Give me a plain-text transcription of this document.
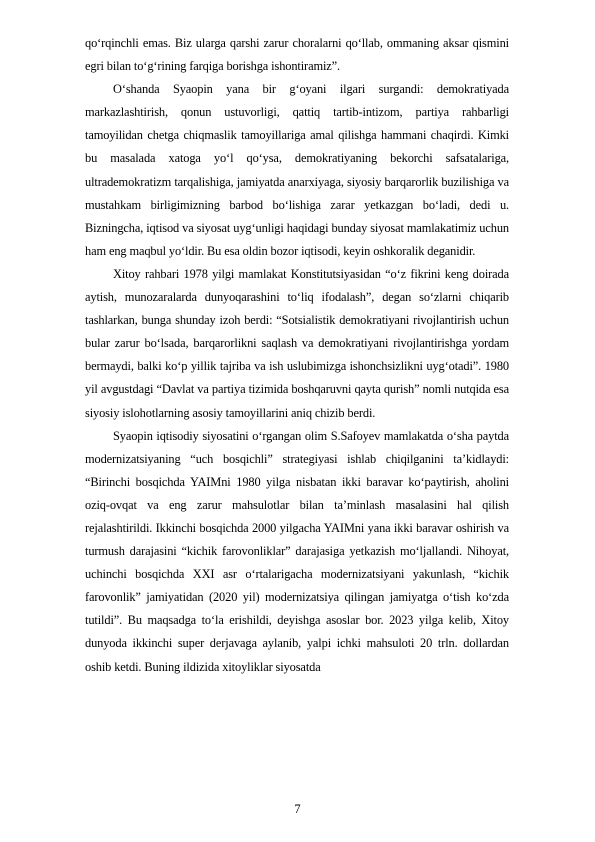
qo‘rqinchli emas. Biz ularga qarshi zarur choralarni qo‘llab, ommaning aksar qismini egri bilan to‘g‘rining farqiga borishga ishontiramiz”.

O‘shanda Syaopin yana bir g‘oyani ilgari surgandi: demokratiyada markazlashtirish, qonun ustuvorligi, qattiq tartib-intizom, partiya rahbarligi tamoyilidan chetga chiqmaslik tamoyillariga amal qilishga hammani chaqirdi. Kimki bu masalada xatoga yo‘l qo‘ysa, demokratiyaning bekorchi safsatalariga, ultrademokratizm tarqalishiga, jamiyatda anarxiyaga, siyosiy barqarorlik buzilishiga va mustahkam birligimizning barbod bo‘lishiga zarar yetkazgan bo‘ladi, dedi u. Bizningcha, iqtisod va siyosat uyg‘unligi haqidagi bunday siyosat mamlakatimiz uchun ham eng maqbul yo‘ldir. Bu esa oldin bozor iqtisodi, keyin oshkoralik deganidir.

Xitoy rahbari 1978 yilgi mamlakat Konstitutsiyasidan “o‘z fikrini keng doirada aytish, munozaralarda dunyoqarashini to‘liq ifodalash”, degan so‘zlarni chiqarib tashlarkan, bunga shunday izoh berdi: “Sotsialistik demokratiyani rivojlantirish uchun bular zarur bo‘lsada, barqarorlikni saqlash va demokratiyani rivojlantirishga yordam bermaydi, balki ko‘p yillik tajriba va ish uslubimizga ishonchsizlikni uyg‘otadi”. 1980 yil avgustdagi “Davlat va partiya tizimida boshqaruvni qayta qurish” nomli nutqida esa siyosiy islohotlarning asosiy tamoyillarini aniq chizib berdi.

Syaopin iqtisodiy siyosatini o‘rgangan olim S.Safoyev mamlakatda o‘sha paytda modernizatsiyaning “uch bosqichli” strategiyasi ishlab chiqilganini ta’kidlaydi: “Birinchi bosqichda YAIMni 1980 yilga nisbatan ikki baravar ko‘paytirish, aholini oziq-ovqat va eng zarur mahsulotlar bilan ta’minlash masalasini hal qilish rejalashtirildi. Ikkinchi bosqichda 2000 yilgacha YAIMni yana ikki baravar oshirish va turmush darajasini “kichik farovonliklar” darajasiga yetkazish mo‘ljallandi. Nihoyat, uchinchi bosqichda XXI asr o‘rtalarigacha modernizatsiyani yakunlash, “kichik farovonlik” jamiyatidan (2020 yil) modernizatsiya qilingan jamiyatga o‘tish ko‘zda tutildi”. Bu maqsadga to‘la erishildi, deyishga asoslar bor. 2023 yilga kelib, Xitoy dunyoda ikkinchi super derjavaga aylanib, yalpi ichki mahsuloti 20 trln. dollardan oshib ketdi. Buning ildizida xitoyliklar siyosatda

7
